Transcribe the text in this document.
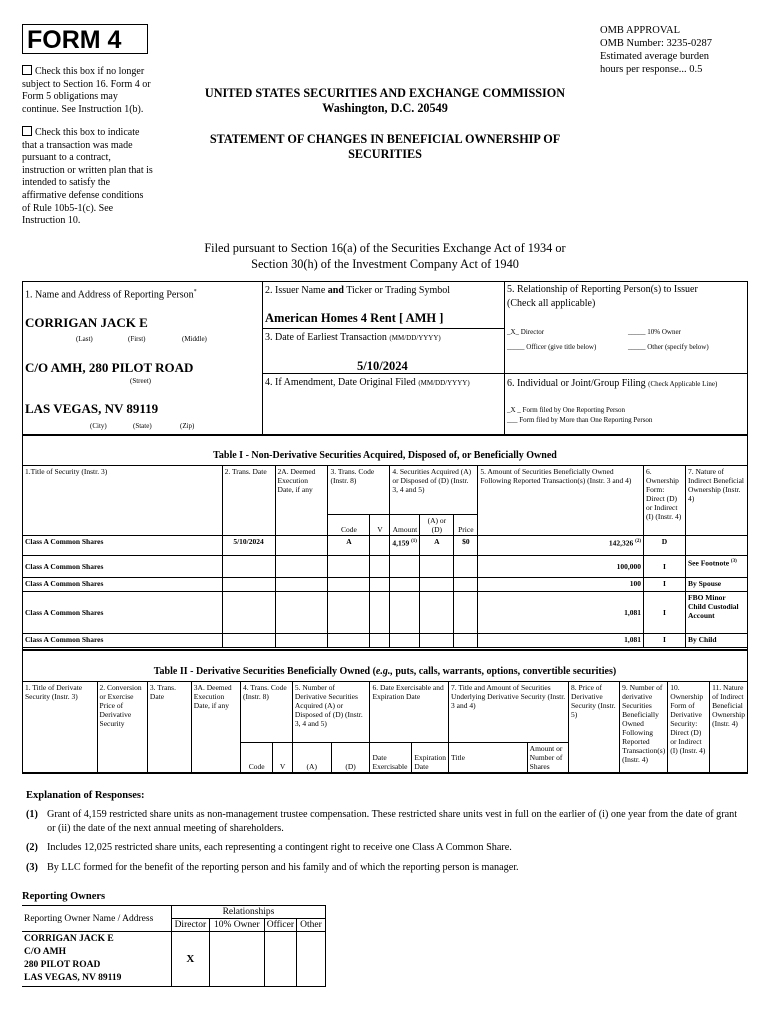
FORM 4	OMB APPROVAL
OMB Number: 3235-0287
Estimated average burden
hours per response... 0.5
Check this box if no longer
subject to Section 16. Form 4 or
Form 5 obligations may
continue. See Instruction 1(b).
Check this box to indicate
that a transaction was made
pursuant to a contract,
instruction or written plan that is
intended to satisfy the
affirmative defense conditions
of Rule 10b5-1(c). See
Instruction 10.
UNITED STATES SECURITIES AND EXCHANGE COMMISSION
Washington, D.C. 20549
STATEMENT OF CHANGES IN BENEFICIAL OWNERSHIP OF
SECURITIES
Filed pursuant to Section 16(a) of the Securities Exchange Act of 1934 or
Section 30(h) of the Investment Company Act of 1940
1. Name and Address of Reporting Person*
CORRIGAN JACK E
(Last)	(First)	(Middle)
C/O AMH, 280 PILOT ROAD
(Street)
LAS VEGAS, NV 89119
(City)	(State)	(Zip)
2. Issuer Name and Ticker or Trading Symbol
American Homes 4 Rent [ AMH ]
3. Date of Earliest Transaction (MM/DD/YYYY)
5/10/2024
4. If Amendment, Date Original Filed (MM/DD/YYYY)
5. Relationship of Reporting Person(s) to Issuer
(Check all applicable)
_X_ Director	_____ 10% Owner
_____ Officer (give title below)	_____ Other (specify below)
6. Individual or Joint/Group Filing (Check Applicable Line)
_X _ Form filed by One Reporting Person
___ Form filed by More than One Reporting Person
Table I - Non-Derivative Securities Acquired, Disposed of, or Beneficially Owned
1.Title of Security (Instr. 3)	2. Trans. Date	2A. Deemed Execution Date, if any	3. Trans. Code (Instr. 8)		4. Securities Acquired (A) or Disposed of (D) (Instr. 3, 4 and 5)			5. Amount of Securities Beneficially Owned Following Reported Transaction(s) (Instr. 3 and 4)	6. Ownership Form: Direct (D) or Indirect (I) (Instr. 4)	7. Nature of Indirect Beneficial Ownership (Instr. 4)
			Code	V	Amount	(A) or (D)	Price			
Class A Common Shares	5/10/2024		A		4,159 $^{(1)}$	A	$0	142,326 $^{(2)}$	D	
Class A Common Shares								100,000	I	See Footnote $^{(3)}$
Class A Common Shares								100	I	By Spouse
Class A Common Shares								1,081	I	FBO Minor Child Custodial Account
Class A Common Shares								1,081	I	By Child
Table II - Derivative Securities Beneficially Owned (e.g., puts, calls, warrants, options, convertible securities)
1. Title of Derivate Security (Instr. 3)	2. Conversion or Exercise Price of Derivative Security	3. Trans. Date	3A. Deemed Execution Date, if any	4. Trans. Code (Instr. 8)		5. Number of Derivative Securities Acquired (A) or Disposed of (D) (Instr. 3, 4 and 5)		6. Date Exercisable and Expiration Date		7. Title and Amount of Securities Underlying Derivative Security (Instr. 3 and 4)		8. Price of Derivative Security (Instr. 5)	9. Number of derivative Securities Beneficially Owned Following Reported Transaction(s) (Instr. 4)	10. Ownership Form of Derivative Security: Direct (D) or Indirect (I) (Instr. 4)	11. Nature of Indirect Beneficial Ownership (Instr. 4)
				Code	V	(A)	(D)	Date Exercisable	Expiration Date	Title	Amount or Number of Shares				
Explanation of Responses:
(1) Grant of 4,159 restricted share units as non-management trustee compensation. These restricted share units vest in full on the earlier of (i) one year from the date of grant or (ii) the date of the next annual meeting of shareholders.
(2) Includes 12,025 restricted share units, each representing a contingent right to receive one Class A Common Share.
(3) By LLC formed for the benefit of the reporting person and his family and of which the reporting person is manager.
Reporting Owners
Reporting Owner Name / Address	Relationships			
	Director	10% Owner	Officer	Other

CORRIGAN JACK E
C/O AMH
280 PILOT ROAD
LAS VEGAS, NV 89119	X			
